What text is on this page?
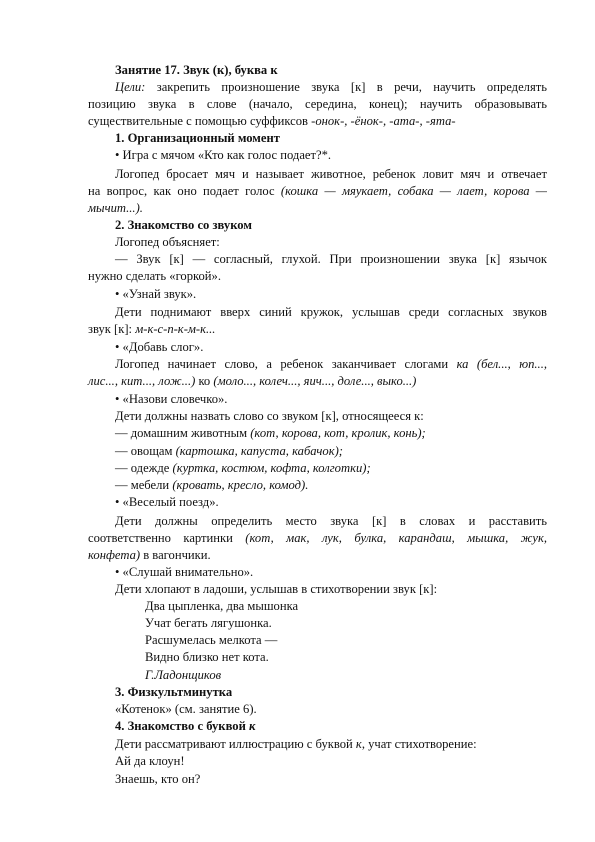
Занятие 17. Звук (к), буква к
Цели: закрепить произношение звука [к] в речи, научить определять
позицию звука в слове (начало, середина, конец); научить образовывать
существительные с помощью суффиксов -онок-, -ёнок-, -ата-, -ята-
1. Организационный момент
• Игра с мячом «Кто как голос подает?*.
Логопед бросает мяч и называет животное, ребенок ловит мяч и отвечает
на вопрос, как оно подает голос (кошка — мяукает, собака — лает, корова —
мычит...).
2. Знакомство со звуком
Логопед объясняет:
— Звук [к] — согласный, глухой. При произношении звука [к] язычок
нужно сделать «горкой».
• «Узнай звук».
Дети поднимают вверх синий кружок, услышав среди согласных звуков
звук [к]: м-к-с-п-к-м-к...
• «Добавь слог».
Логопед начинает слово, а ребенок заканчивает слогами ка (бел..., юп...,
лис..., кит..., лож...) ко (моло..., колеч..., яич..., доле..., выко...)
• «Назови словечко».
Дети должны назвать слово со звуком [к], относящееся к:
— домашним животным (кот, корова, кот, кролик, конь);
— овощам (картошка, капуста, кабачок);
— одежде (куртка, костюм, кофта, колготки);
— мебели (кровать, кресло, комод).
• «Веселый поезд».
Дети должны определить место звука [к] в словах и расставить
соответственно картинки (кот, мак, лук, булка, карандаш, мышка, жук,
конфета) в вагончики.
• «Слушай внимательно».
Дети хлопают в ладоши, услышав в стихотворении звук [к]:
Два цыпленка, два мышонка
Учат бегать лягушонка.
Расшумелась мелкота —
Видно близко нет кота.
Г.Ладонщиков
3. Физкультминутка
«Котенок» (см. занятие 6).
4. Знакомство с буквой к
Дети рассматривают иллюстрацию с буквой к, учат стихотворение:
Ай да клоун!
Знаешь, кто он?
